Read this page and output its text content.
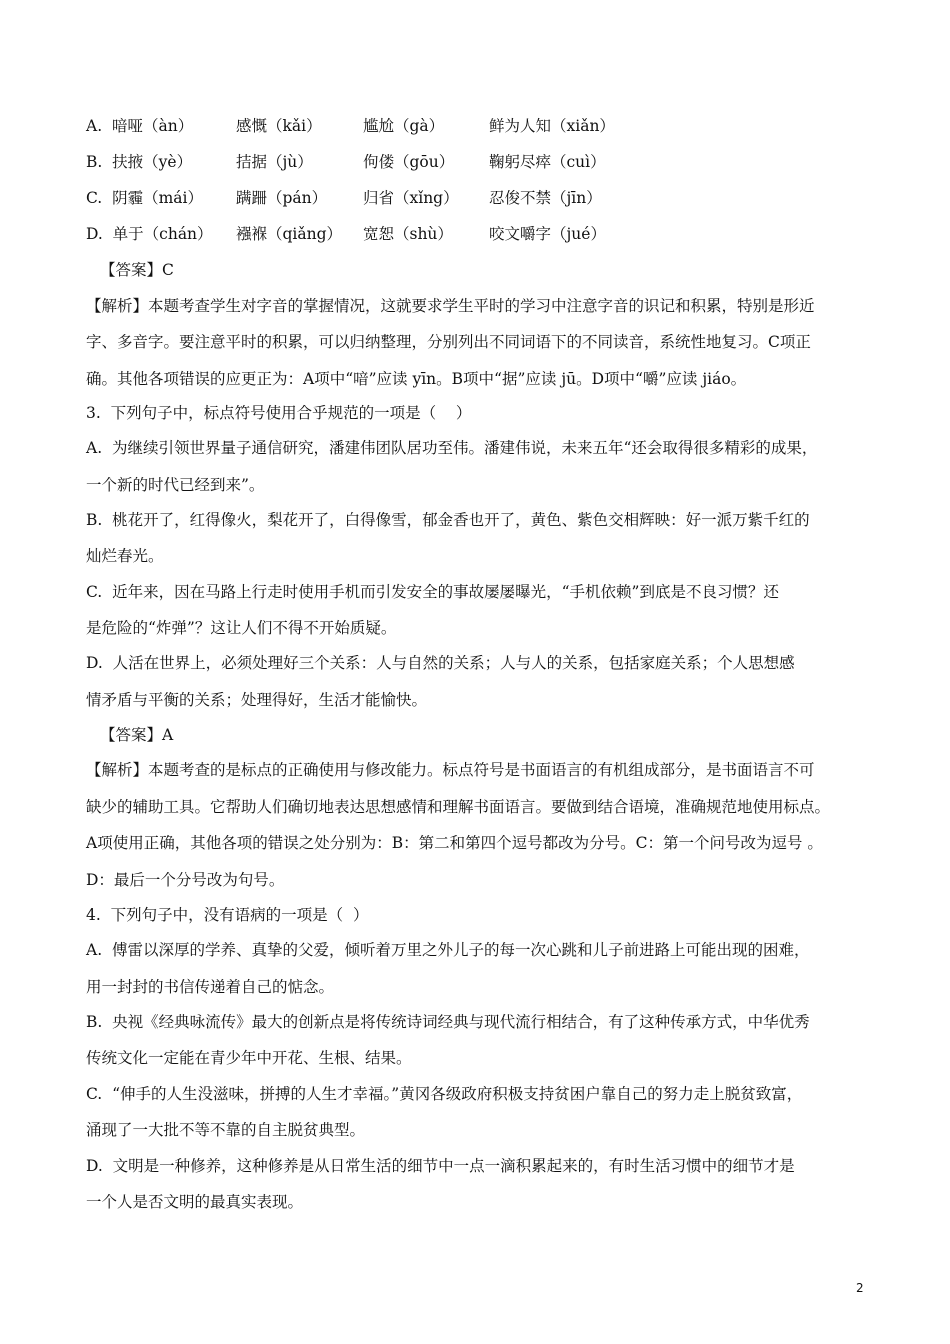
A.  喑哑（àn）	感慨（kǎi）	尴尬（gà）	鲜为人知（xiǎn）
B.  扶掖（yè）	拮据（jù）	佝偻（gōu） 鞠躬尽瘁（cuì）
C.  阴霾（mái） 蹒跚（pán） 归省（xǐng） 忍俊不禁（jīn）
D.  单于（chán） 襁褓（qiǎng） 宽恕（shù） 咬文嚼字（jué）
【答案】C
【解析】本题考查学生对字音的掌握情况，这就要求学生平时的学习中注意字音的识记和积累，特别是形近
字、多音字。要注意平时的积累，可以归纳整理，分别列出不同词语下的不同读音，系统性地复习。C项正
确。其他各项错误的应更正为：A项中“喑”应读 yīn。B项中“据”应读 jū。D项中“嚼”应读 jiáo。
3.  下列句子中，标点符号使用合乎规范的一项是（    ）
A.  为继续引领世界量子通信研究，潘建伟团队居功至伟。潘建伟说，未来五年“还会取得很多精彩的成果，
一个新的时代已经到来”。
B.  桃花开了，红得像火，梨花开了，白得像雪，郁金香也开了，黄色、紫色交相辉映：好一派万紫千红的
灿烂春光。
C.  近年来，因在马路上行走时使用手机而引发安全的事故屡屡曝光，“手机依赖”到底是不良习惯？还
是危险的“炸弹”？这让人们不得不开始质疑。
D.  人活在世界上，必须处理好三个关系：人与自然的关系；人与人的关系，包括家庭关系；个人思想感
情矛盾与平衡的关系；处理得好，生活才能愉快。
【答案】A
【解析】本题考查的是标点的正确使用与修改能力。标点符号是书面语言的有机组成部分，是书面语言不可
缺少的辅助工具。它帮助人们确切地表达思想感情和理解书面语言。要做到结合语境，准确规范地使用标点。
A项使用正确，其他各项的错误之处分别为：B：第二和第四个逗号都改为分号。C：第一个问号改为逗号 。
D：最后一个分号改为句号。
4.  下列句子中，没有语病的一项是（  ）
A.  傅雷以深厚的学养、真挚的父爱，倾听着万里之外儿子的每一次心跳和儿子前进路上可能出现的困难，
用一封封的书信传递着自己的惦念。
B.  央视《经典咏流传》最大的创新点是将传统诗词经典与现代流行相结合，有了这种传承方式，中华优秀
传统文化一定能在青少年中开花、生根、结果。
C.  “伸手的人生没滋味，拼搏的人生才幸福。”黄冈各级政府积极支持贫困户靠自己的努力走上脱贫致富，
涌现了一大批不等不靠的自主脱贫典型。
D.  文明是一种修养，这种修养是从日常生活的细节中一点一滴积累起来的，有时生活习惯中的细节才是
一个人是否文明的最真实表现。
2
